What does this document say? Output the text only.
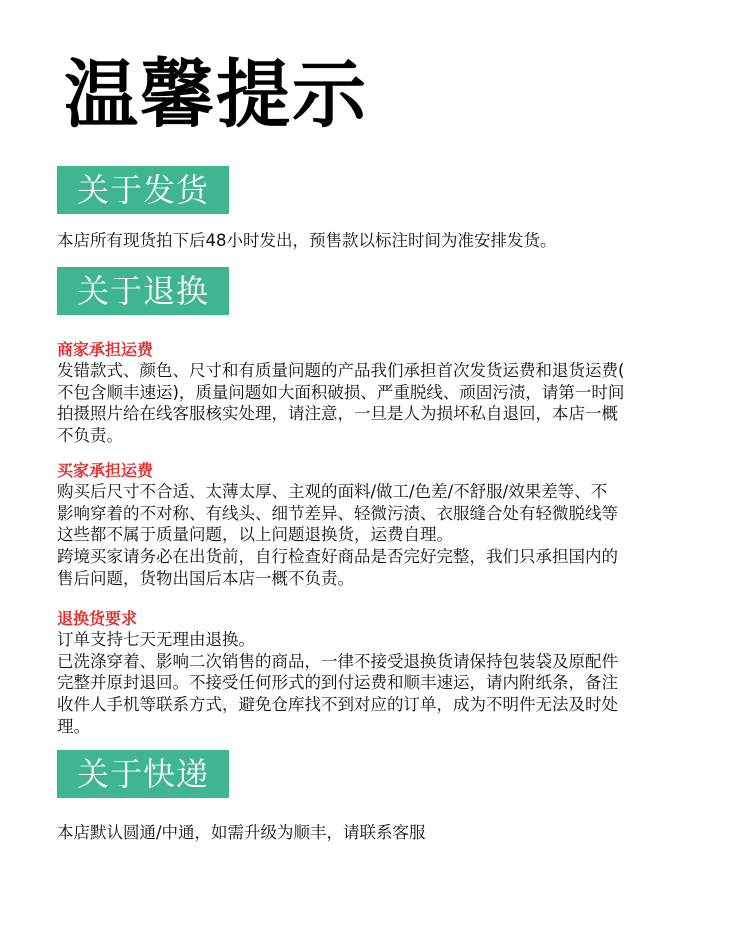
温馨提示
关于发货
本店所有现货拍下后48小时发出，预售款以标注时间为准安排发货。
关于退换
商家承担运费

发错款式、颜色、尺寸和有质量问题的产品我们承担首次发货运费和退货运费(

不包含顺丰速运)，质量问题如大面积破损、严重脱线、顽固污渍，请第一时间

拍摄照片给在线客服核实处理，请注意，一旦是人为损坏私自退回，本店一概

不负责。

买家承担运费

购买后尺寸不合适、太薄太厚、主观的面料/做工/色差/不舒服/效果差等、不

影响穿着的不对称、有线头、细节差异、轻微污渍、衣服缝合处有轻微脱线等

这些都不属于质量问题，以上问题退换货，运费自理。

跨境买家请务必在出货前，自行检查好商品是否完好完整，我们只承担国内的

售后问题，货物出国后本店一概不负责。

退换货要求

订单支持七天无理由退换。

已洗涤穿着、影响二次销售的商品，一律不接受退换货请保持包装袋及原配件

完整并原封退回。不接受任何形式的到付运费和顺丰速运，请内附纸条，备注

收件人手机等联系方式，避免仓库找不到对应的订单，成为不明件无法及时处

理。

关于快递
本店默认圆通/中通，如需升级为顺丰，请联系客服
